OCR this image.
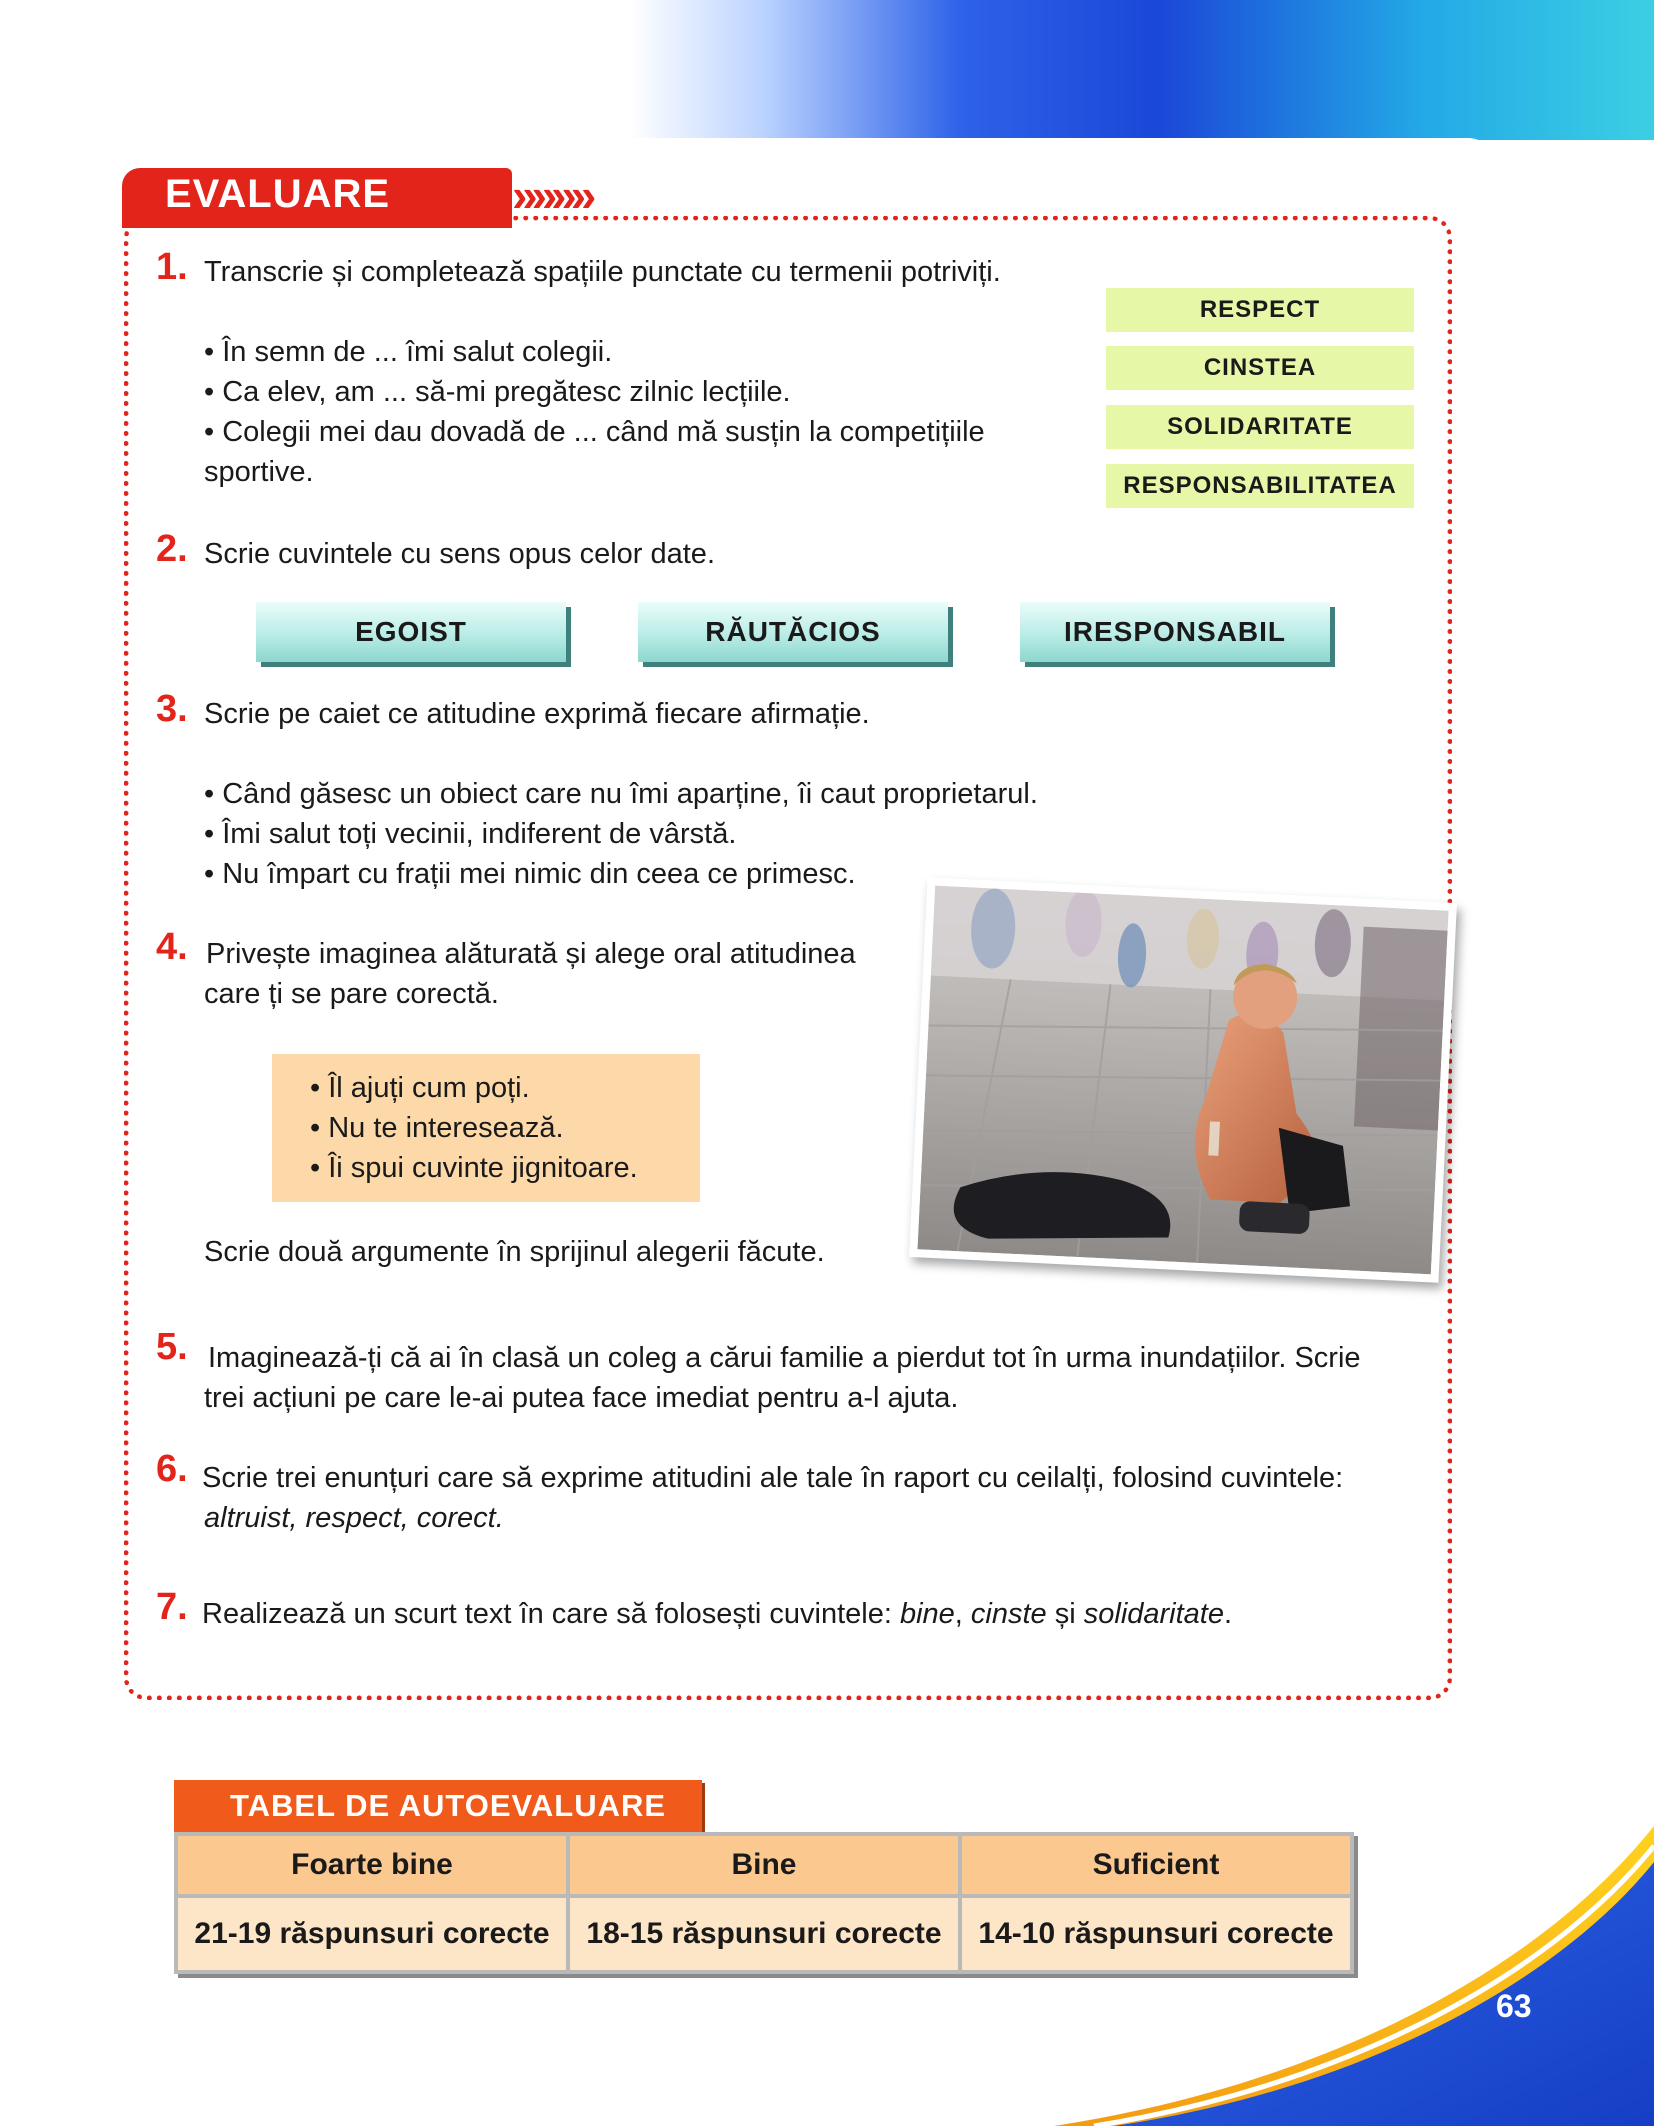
EVALUARE	»»»»
1. Transcrie și completează spațiile punctate cu termenii potriviți.
• În semn de ... îmi salut colegii.
• Ca elev, am ... să-mi pregătesc zilnic lecțiile.
• Colegii mei dau dovadă de ... când mă susțin la competițiile
sportive.
RESPECT
CINSTEA
SOLIDARITATE
RESPONSABILITATEA
2. Scrie cuvintele cu sens opus celor date.
EGOIST	RĂUTĂCIOS	IRESPONSABIL
3. Scrie pe caiet ce atitudine exprimă fiecare afirmație.
• Când găsesc un obiect care nu îmi aparține, îi caut proprietarul.
• Îmi salut toți vecinii, indiferent de vârstă.
• Nu împart cu frații mei nimic din ceea ce primesc.
4. Privește imaginea alăturată și alege oral atitudinea
care ți se pare corectă.
• Îl ajuți cum poți.
• Nu te interesează.
• Îi spui cuvinte jignitoare.
Scrie două argumente în sprijinul alegerii făcute.
5. Imaginează-ți că ai în clasă un coleg a cărui familie a pierdut tot în urma inundațiilor. Scrie
trei acțiuni pe care le-ai putea face imediat pentru a-l ajuta.
6. Scrie trei enunțuri care să exprime atitudini ale tale în raport cu ceilalți, folosind cuvintele:
altruist, respect, corect.
7. Realizează un scurt text în care să folosești cuvintele: bine, cinste și solidaritate.
TABEL DE AUTOEVALUARE
Foarte bine	Bine	Suficient
21-19 răspunsuri corecte	18-15 răspunsuri corecte	14-10 răspunsuri corecte
63
